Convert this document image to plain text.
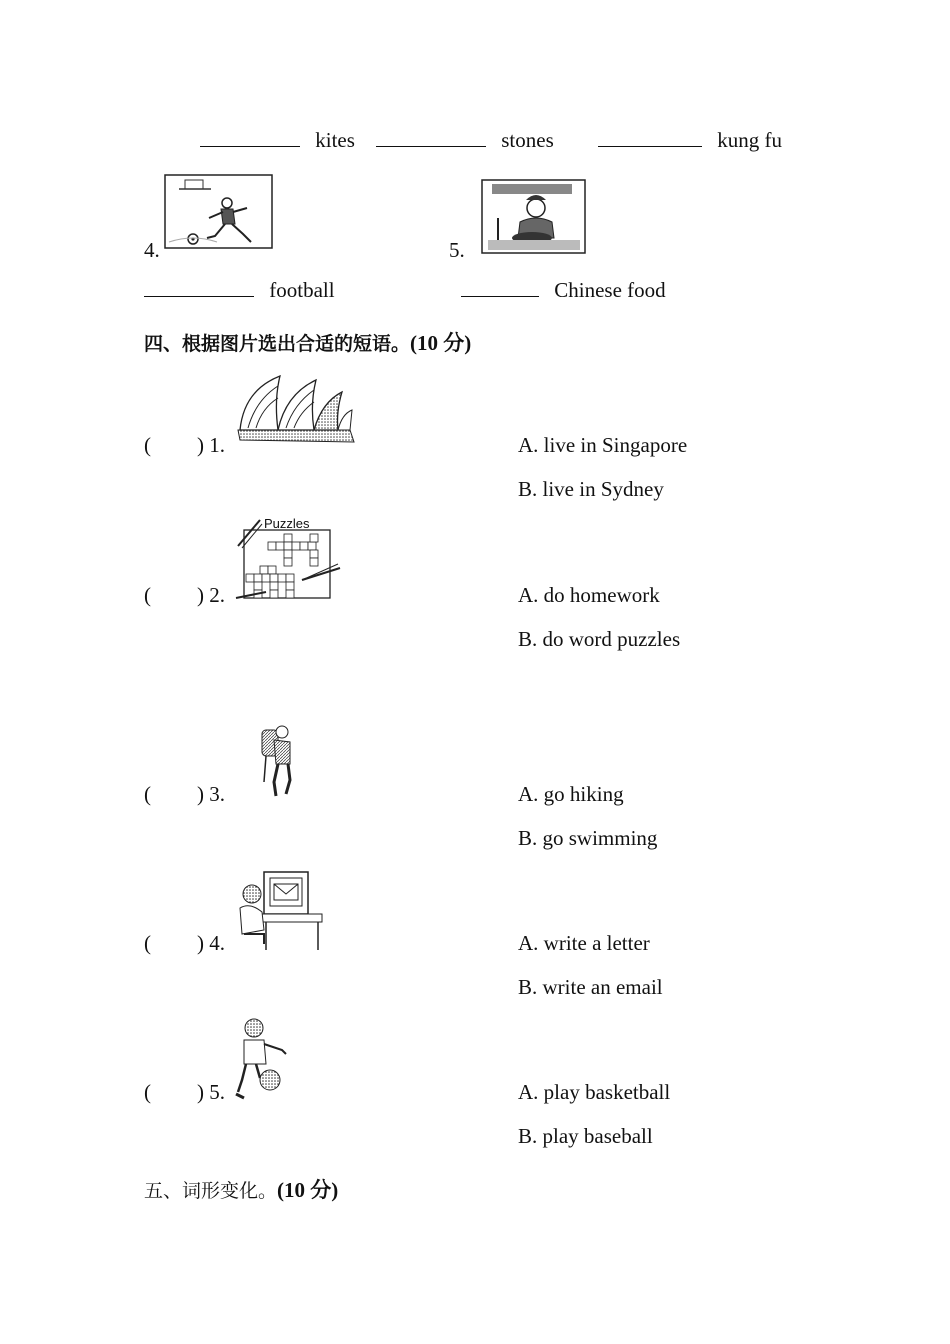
kites	stones	kung fu
4.	5.
football	Chinese food
四、根据图片选出合适的短语。(10 分)
( ) 1.	A. live in Singapore
B. live in Sydney
Puzzles
( ) 2.	A. do homework
B. do word puzzles
( ) 3.	A. go hiking
B. go swimming
( ) 4.	A. write a letter
B. write an email
( ) 5.	A. play basketball
B. play baseball
五、词形变化。(10 分)
